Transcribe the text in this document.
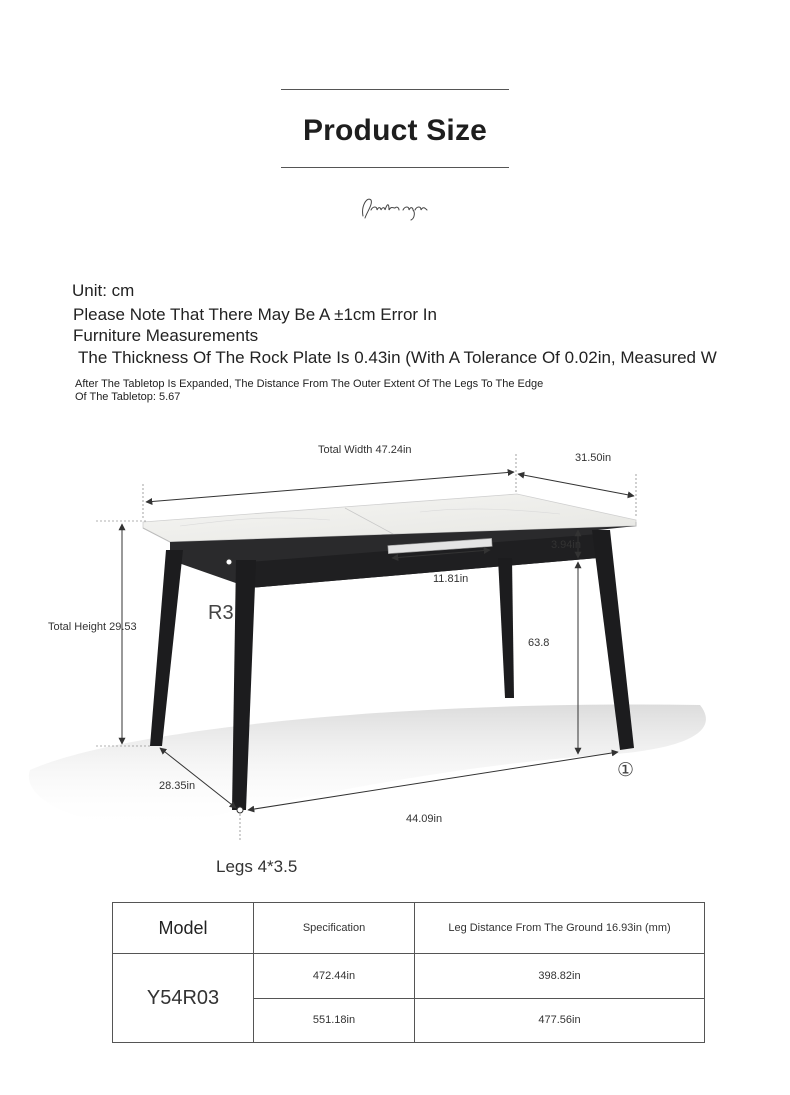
Product Size
Unit: cm
Please Note That There May Be A ±1cm Error In Furniture Measurements
The Thickness Of The Rock Plate Is 0.43in (With A Tolerance Of 0.02in, Measured W
After The Tabletop Is Expanded, The Distance From The Outer Extent Of The Legs To The Edge Of The Tabletop: 5.67
Total Width 47.24in
31.50in
3.94in
11.81in
R3
Total Height 29.53
63.8
28.35in
44.09in
①
Legs 4*3.5
Model	Specification	Leg Distance From The Ground 16.93in (mm)
Y54R03	472.44in	398.82in
	551.18in	477.56in
